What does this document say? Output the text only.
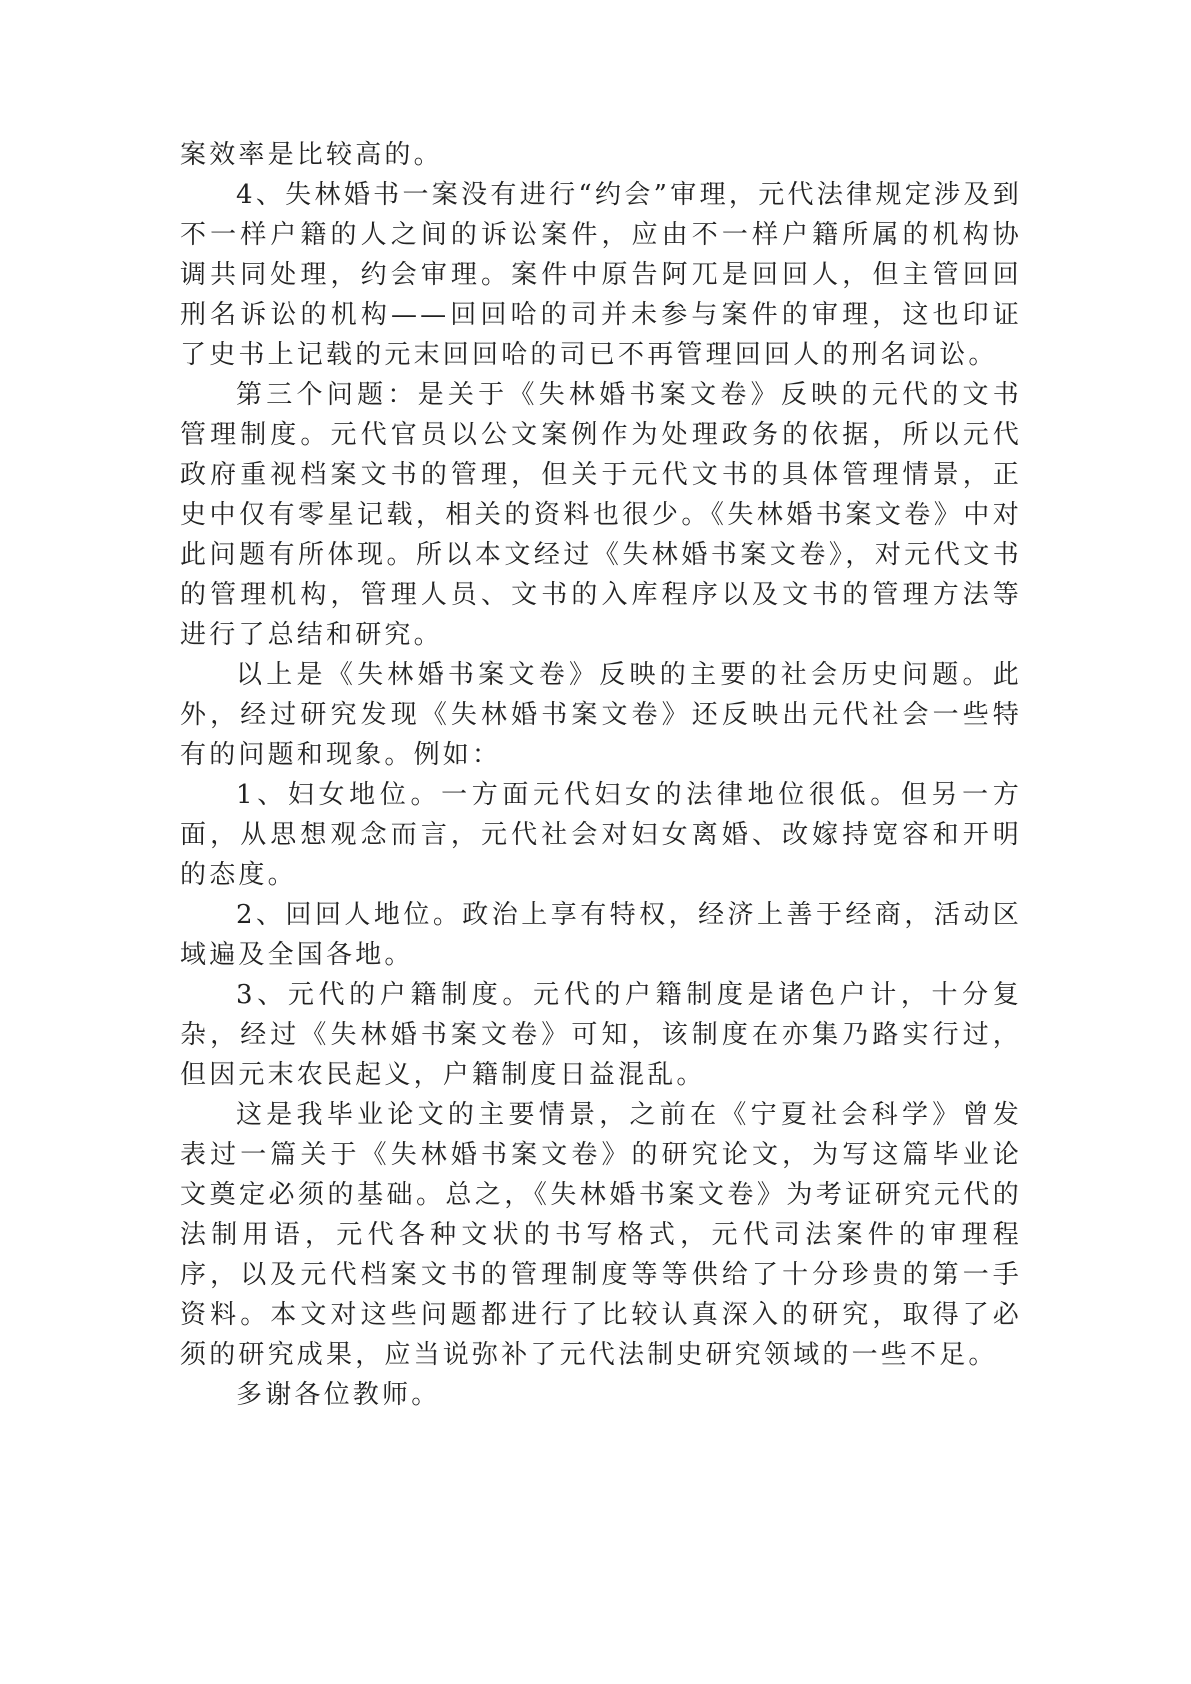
案效率是比较高的。

4、失林婚书一案没有进行“约会”审理，元代法律规定涉及到不一样户籍的人之间的诉讼案件，应由不一样户籍所属的机构协调共同处理，约会审理。案件中原告阿兀是回回人，但主管回回刑名诉讼的机构——回回哈的司并未参与案件的审理，这也印证了史书上记载的元末回回哈的司已不再管理回回人的刑名词讼。

第三个问题：是关于《失林婚书案文卷》反映的元代的文书管理制度。元代官员以公文案例作为处理政务的依据，所以元代政府重视档案文书的管理，但关于元代文书的具体管理情景，正史中仅有零星记载，相关的资料也很少。《失林婚书案文卷》中对此问题有所体现。所以本文经过《失林婚书案文卷》，对元代文书的管理机构，管理人员、文书的入库程序以及文书的管理方法等进行了总结和研究。

以上是《失林婚书案文卷》反映的主要的社会历史问题。此外，经过研究发现《失林婚书案文卷》还反映出元代社会一些特有的问题和现象。例如：

1、妇女地位。一方面元代妇女的法律地位很低。但另一方面，从思想观念而言，元代社会对妇女离婚、改嫁持宽容和开明的态度。

2、回回人地位。政治上享有特权，经济上善于经商，活动区域遍及全国各地。

3、元代的户籍制度。元代的户籍制度是诸色户计，十分复杂，经过《失林婚书案文卷》可知，该制度在亦集乃路实行过，但因元末农民起义，户籍制度日益混乱。

这是我毕业论文的主要情景，之前在《宁夏社会科学》曾发表过一篇关于《失林婚书案文卷》的研究论文，为写这篇毕业论文奠定必须的基础。总之，《失林婚书案文卷》为考证研究元代的法制用语，元代各种文状的书写格式，元代司法案件的审理程序，以及元代档案文书的管理制度等等供给了十分珍贵的第一手资料。本文对这些问题都进行了比较认真深入的研究，取得了必须的研究成果，应当说弥补了元代法制史研究领域的一些不足。

多谢各位教师。
